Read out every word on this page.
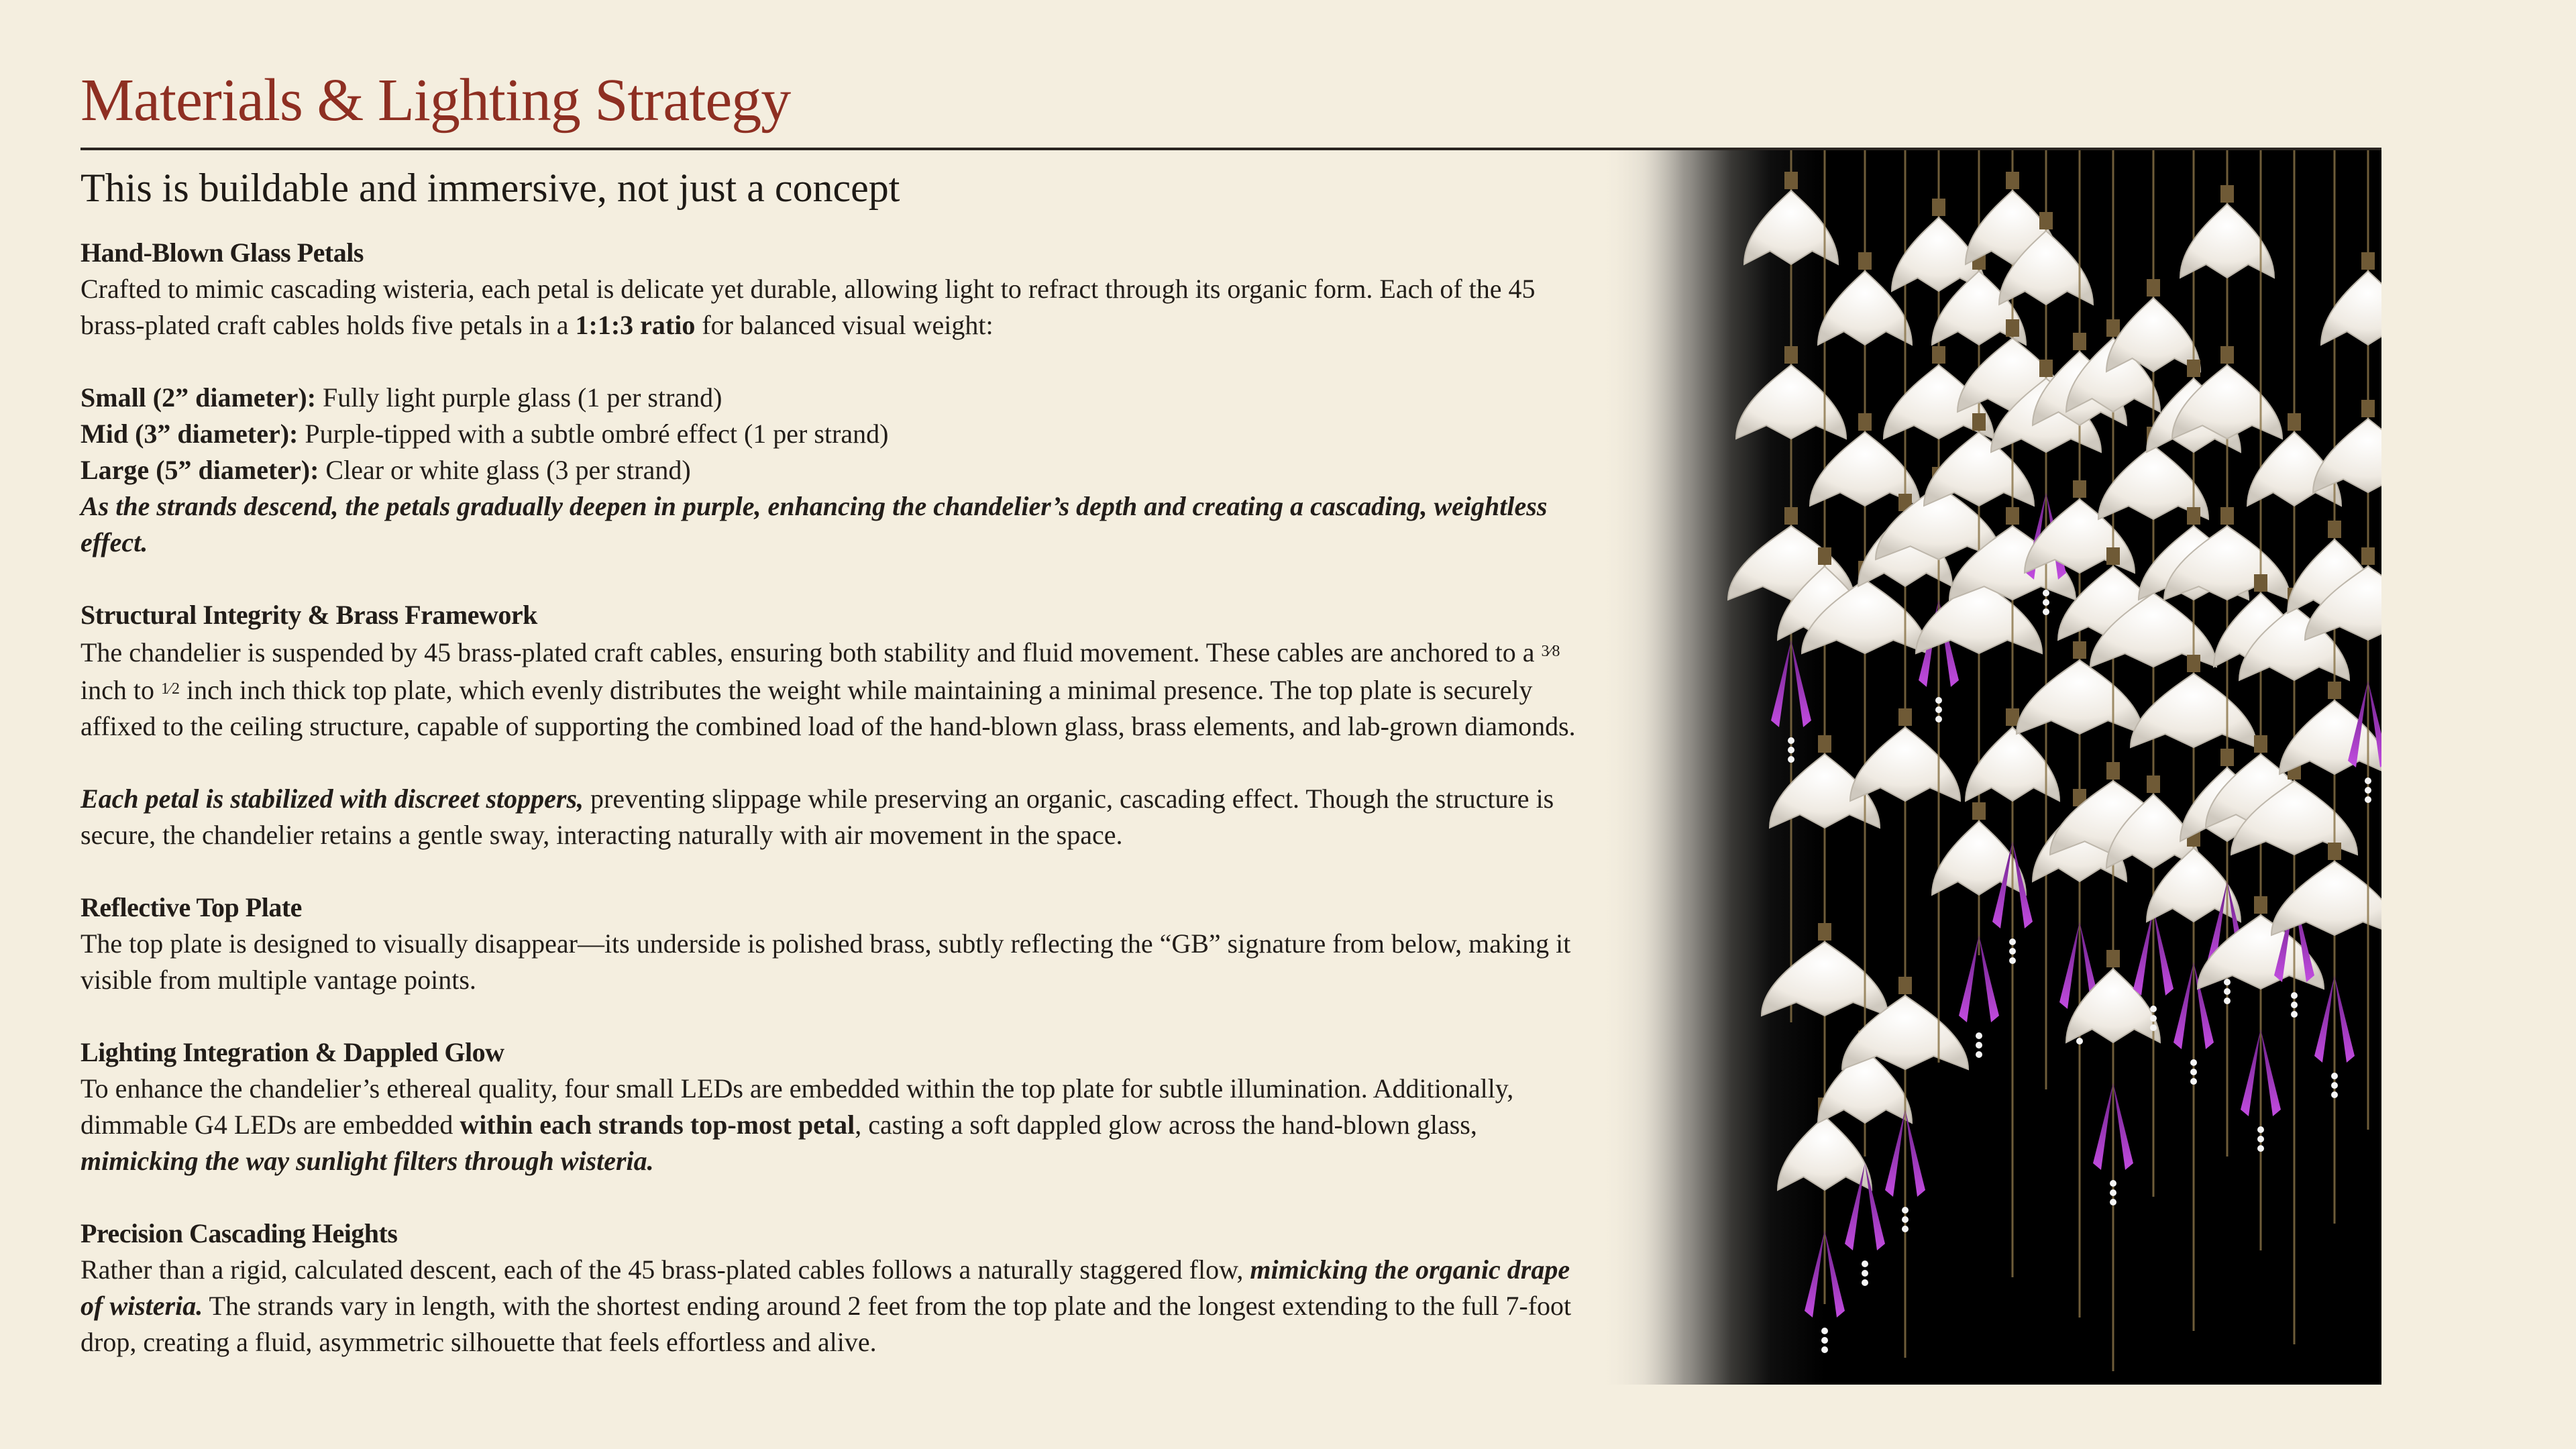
Materials & Lighting Strategy
This is buildable and immersive, not just a concept
Hand-Blown Glass Petals

Crafted to mimic cascading wisteria, each petal is delicate yet durable, allowing light to refract through its organic form. Each of the 45 brass-plated craft cables holds five petals in a 1:1:3 ratio for balanced visual weight:

Small (2” diameter): Fully light purple glass (1 per strand)

Mid (3” diameter): Purple-tipped with a subtle ombré effect (1 per strand)

Large (5” diameter): Clear or white glass (3 per strand)

As the strands descend, the petals gradually deepen in purple, enhancing the chandelier’s depth and creating a cascading, weightless effect.

Structural Integrity & Brass Framework

The chandelier is suspended by 45 brass-plated craft cables, ensuring both stability and fluid movement. These cables are anchored to a $^{3⁄8}$ inch to $^{1⁄2}$ inch inch thick top plate, which evenly distributes the weight while maintaining a minimal presence. The top plate is securely affixed to the ceiling structure, capable of supporting the combined load of the hand-blown glass, brass elements, and lab-grown diamonds.

Each petal is stabilized with discreet stoppers, preventing slippage while preserving an organic, cascading effect. Though the structure is secure, the chandelier retains a gentle sway, interacting naturally with air movement in the space.

Reflective Top Plate

The top plate is designed to visually disappear—its underside is polished brass, subtly reflecting the “GB” signature from below, making it visible from multiple vantage points.

Lighting Integration & Dappled Glow

To enhance the chandelier’s ethereal quality, four small LEDs are embedded within the top plate for subtle illumination. Additionally, dimmable G4 LEDs are embedded within each strands top-most petal, casting a soft dappled glow across the hand-blown glass, mimicking the way sunlight filters through wisteria.

Precision Cascading Heights

Rather than a rigid, calculated descent, each of the 45 brass-plated cables follows a naturally staggered flow, mimicking the organic drape of wisteria. The strands vary in length, with the shortest ending around 2 feet from the top plate and the longest extending to the full 7-foot drop, creating a fluid, asymmetric silhouette that feels effortless and alive.
